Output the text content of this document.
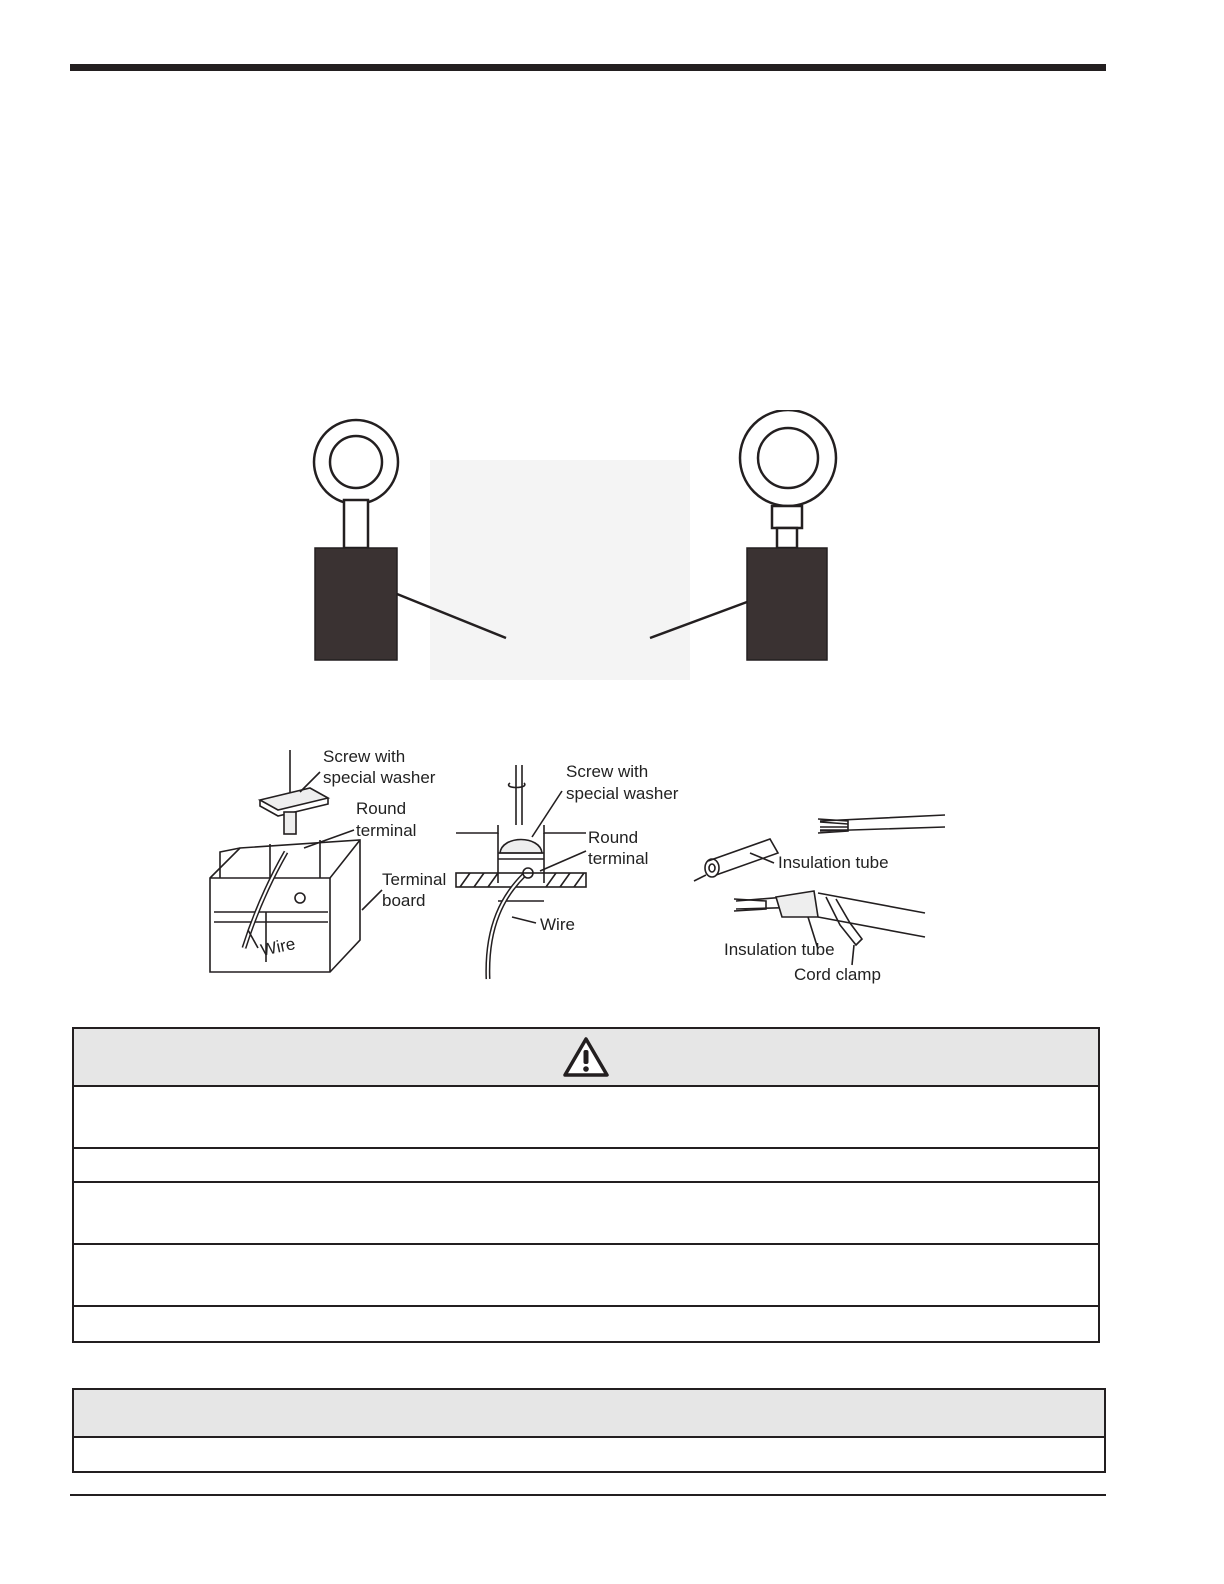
Screw with
special washer
Round
terminal
Terminal
board
Wire
Screw with
special washer
Round
terminal
Wire
Insulation tube
Insulation tube
Cord clamp
